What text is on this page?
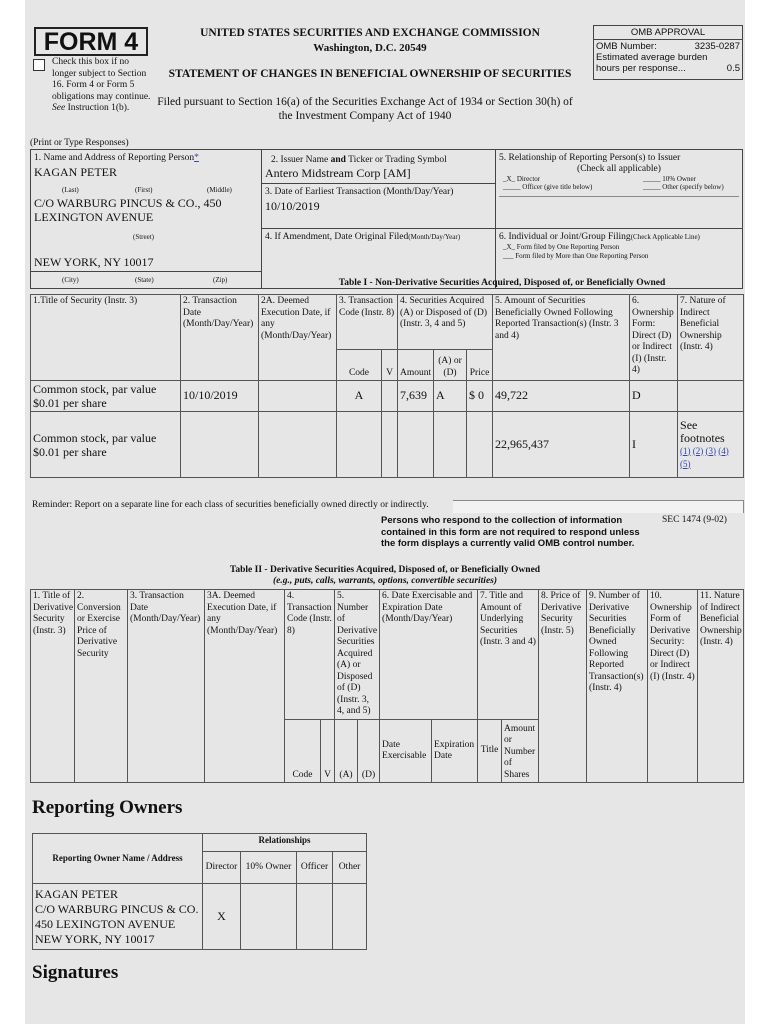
FORM 4
Check this box if no longer subject to Section 16. Form 4 or Form 5 obligations may continue. See Instruction 1(b).
UNITED STATES SECURITIES AND EXCHANGE COMMISSION
Washington, D.C. 20549
STATEMENT OF CHANGES IN BENEFICIAL OWNERSHIP OF SECURITIES
Filed pursuant to Section 16(a) of the Securities Exchange Act of 1934 or Section 30(h) of
the Investment Company Act of 1940
OMB APPROVAL
OMB Number:	3235-0287
Estimated average burden
hours per response...	0.5
(Print or Type Responses)
1. Name and Address of Reporting Person*
KAGAN PETER
(Last)	(First)	(Middle)
C/O WARBURG PINCUS & CO., 450
LEXINGTON AVENUE
(Street)
NEW YORK, NY 10017
(City)	(State)	(Zip)
2. Issuer Name and Ticker or Trading Symbol
Antero Midstream Corp [AM]
3. Date of Earliest Transaction (Month/Day/Year)
10/10/2019
4. If Amendment, Date Original Filed(Month/Day/Year)
5. Relationship of Reporting Person(s) to Issuer
(Check all applicable)
_X_ Director	_____ 10% Owner
_____ Officer (give title below)	_____ Other (specify below)
6. Individual or Joint/Group Filing(Check Applicable Line)
_X_ Form filed by One Reporting Person
___ Form filed by More than One Reporting Person
Table I - Non-Derivative Securities Acquired, Disposed of, or Beneficially Owned
1.Title of Security (Instr. 3)	2. Transaction Date (Month/Day/Year)	2A. Deemed Execution Date, if any (Month/Day/Year)	3. Transaction Code (Instr. 8)		4. Securities Acquired (A) or Disposed of (D) (Instr. 3, 4 and 5)			5. Amount of Securities Beneficially Owned Following Reported Transaction(s) (Instr. 3 and 4)	6. Ownership Form: Direct (D) or Indirect (I) (Instr. 4)	7. Nature of Indirect Beneficial Ownership (Instr. 4)
			Code	V	Amount	(A) or (D)	Price			
Common stock, par value $0.01 per share	10/10/2019		A		7,639	A	$ 0	49,722	D	
Common stock, par value $0.01 per share								22,965,437	I	See footnotes
(1) (2) (3) (4) (5)
Reminder: Report on a separate line for each class of securities beneficially owned directly or indirectly.
Persons who respond to the collection of information contained in this form are not required to respond unless the form displays a currently valid OMB control number.
SEC 1474 (9-02)
Table II - Derivative Securities Acquired, Disposed of, or Beneficially Owned
(e.g., puts, calls, warrants, options, convertible securities)
1. Title of Derivative Security (Instr. 3)	2. Conversion or Exercise Price of Derivative Security	3. Transaction Date (Month/Day/Year)	3A. Deemed Execution Date, if any (Month/Day/Year)	4. Transaction Code (Instr. 8)		5. Number of Derivative Securities Acquired (A) or Disposed of (D) (Instr. 3, 4, and 5)		6. Date Exercisable and Expiration Date (Month/Day/Year)		7. Title and Amount of Underlying Securities (Instr. 3 and 4)		8. Price of Derivative Security (Instr. 5)	9. Number of Derivative Securities Beneficially Owned Following Reported Transaction(s) (Instr. 4)	10. Ownership Form of Derivative Security: Direct (D) or Indirect (I) (Instr. 4)	11. Nature of Indirect Beneficial Ownership (Instr. 4)
				Code	V	(A)	(D)	Date Exercisable	Expiration Date	Title	Amount or Number of Shares				
Reporting Owners
Reporting Owner Name / Address	Relationships			
	Director	10% Owner	Officer	Other

KAGAN PETER
C/O WARBURG PINCUS & CO.
450 LEXINGTON AVENUE
NEW YORK, NY 10017	X			
Signatures
